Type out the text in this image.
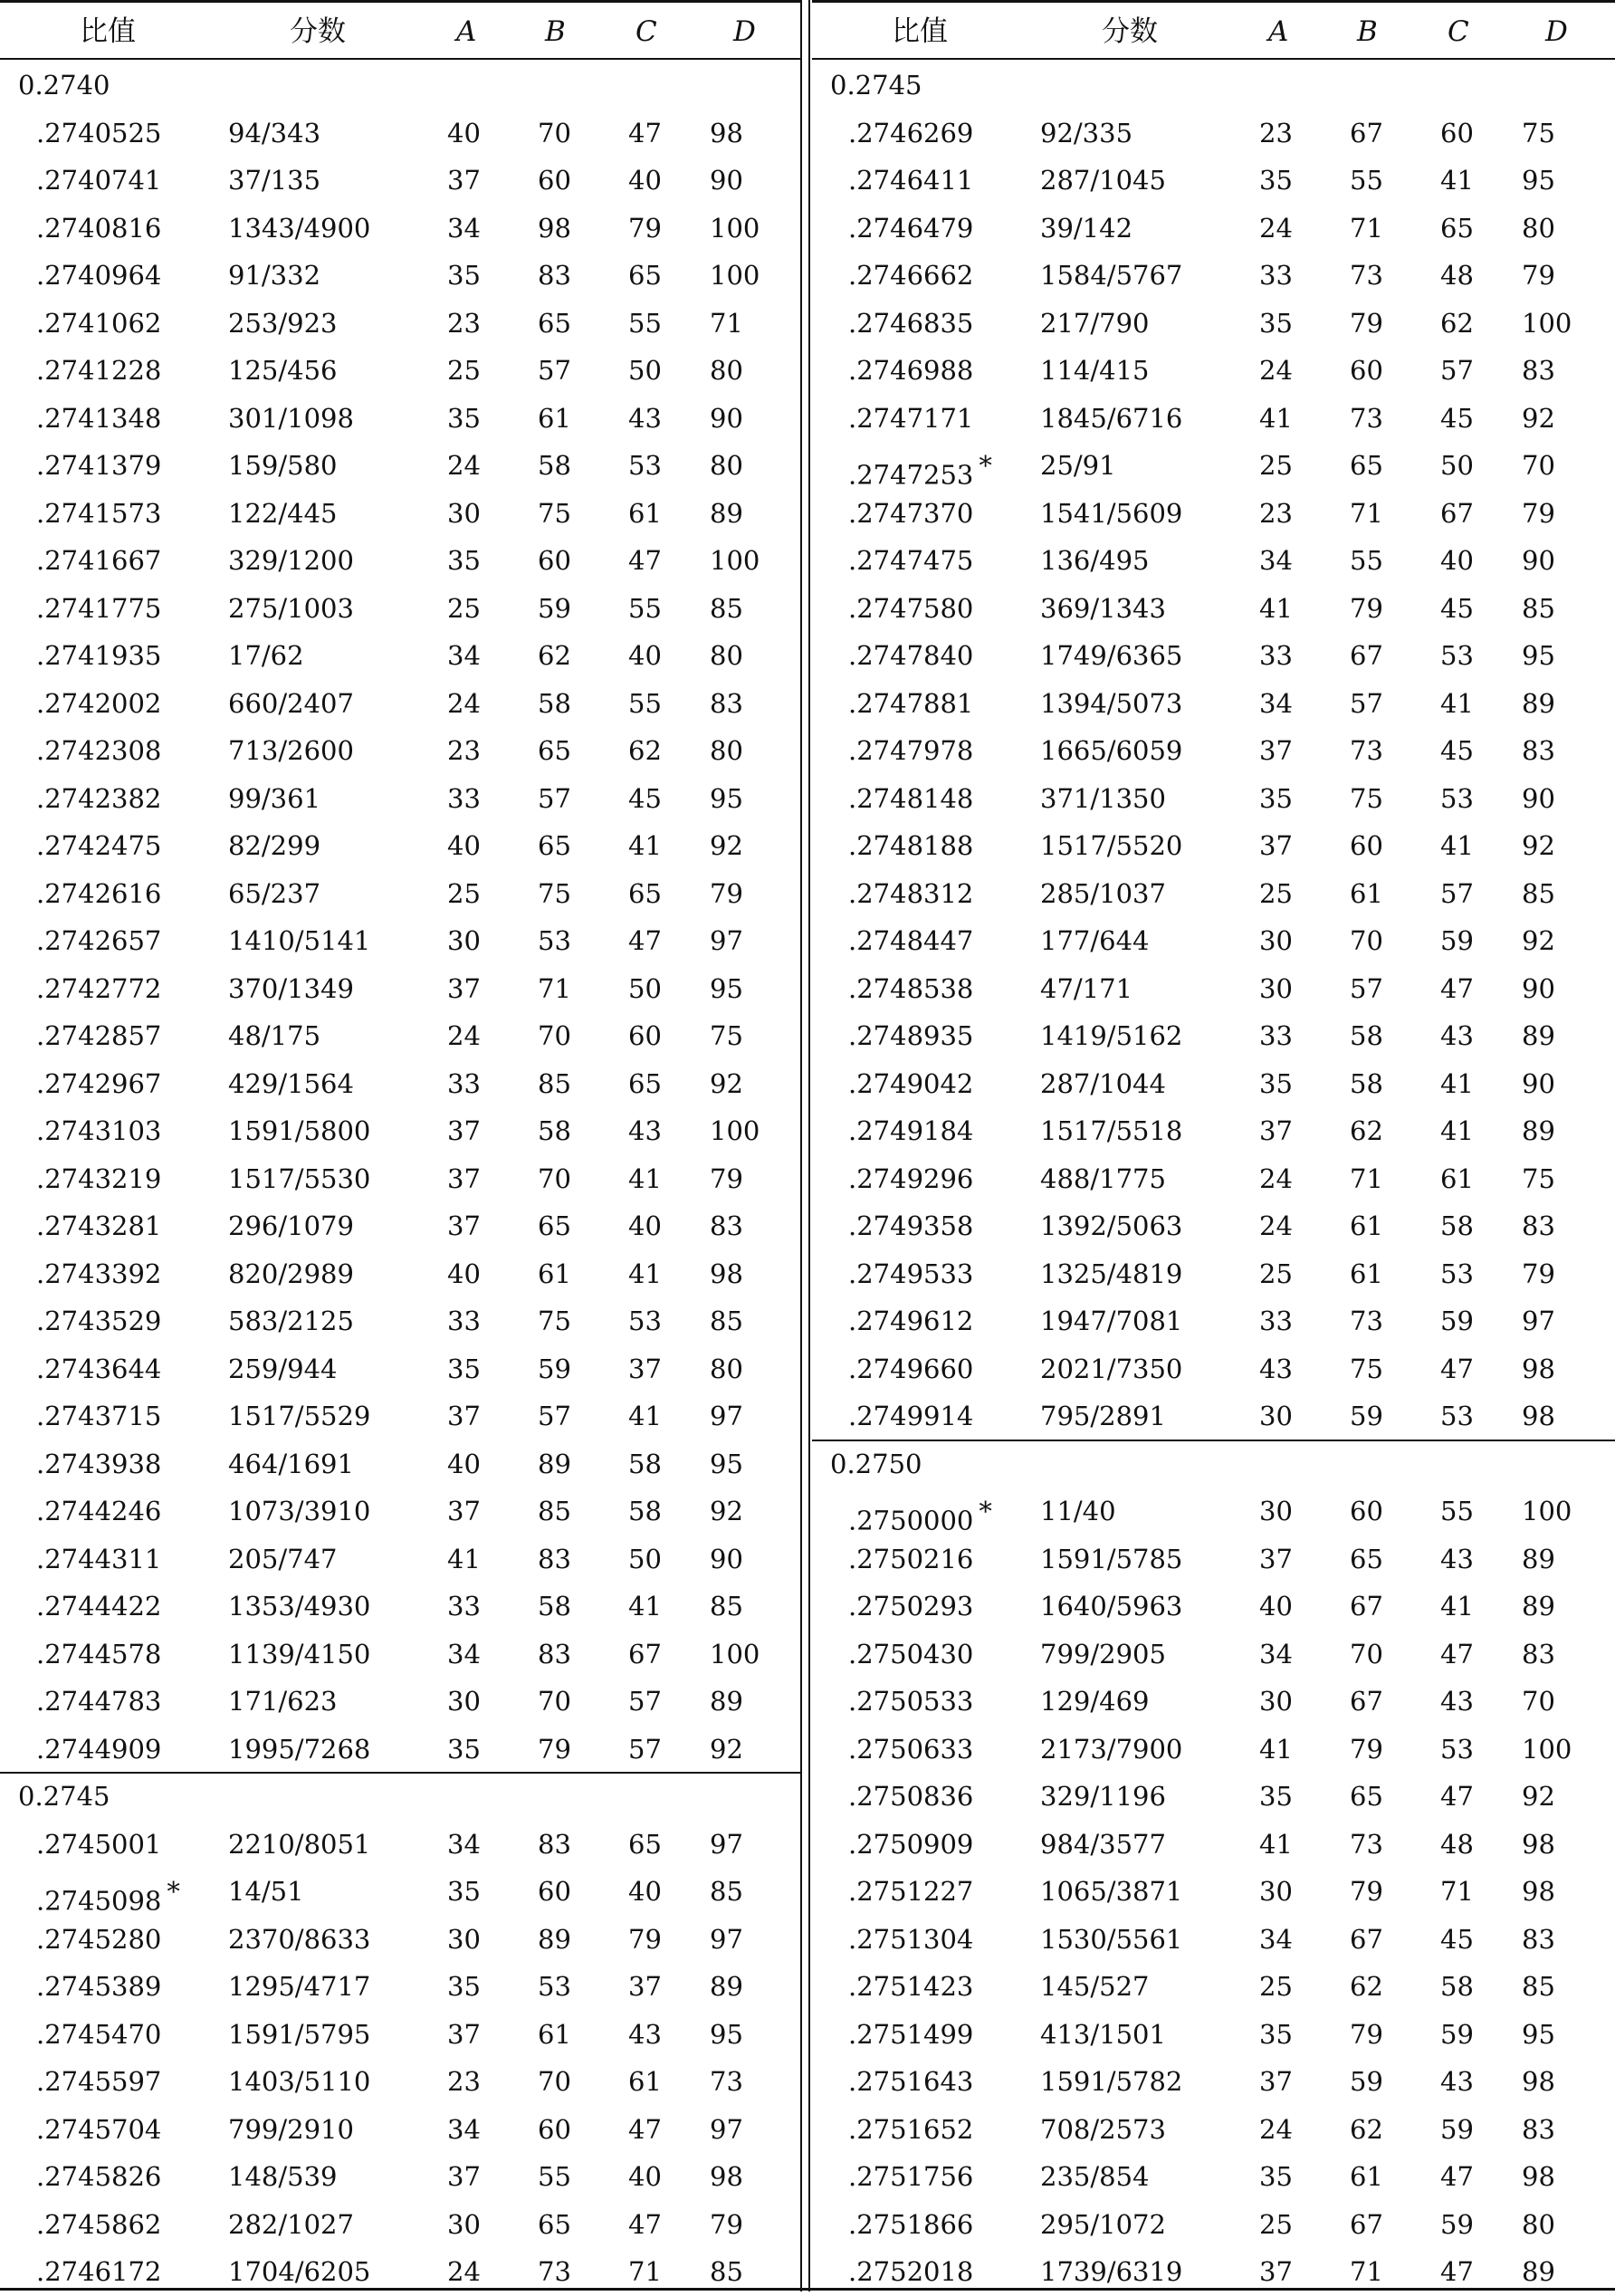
比值	分数	A B C	D
0.2740
.2740525	94/343	40 70 47 98
.2740741	37/135	37 60 40 90
.2740816	1343/4900	34 98 79 100
.2740964	91/332	35 83 65 100
.2741062	253/923	23 65 55 71
.2741228	125/456	25 57 50 80
.2741348	301/1098	35 61 43 90
.2741379	159/580	24 58 53 80
.2741573	122/445	30 75 61 89
.2741667	329/1200	35 60 47 100
.2741775	275/1003	25 59 55 85
.2741935	17/62	34 62 40 80
.2742002	660/2407	24 58 55 83
.2742308	713/2600	23 65 62 80
.2742382	99/361	33 57 45 95
.2742475	82/299	40 65 41 92
.2742616	65/237	25 75 65 79
.2742657	1410/5141	30 53 47 97
.2742772	370/1349	37 71 50 95
.2742857	48/175	24 70 60 75
.2742967	429/1564	33 85 65 92
.2743103	1591/5800	37 58 43 100
.2743219	1517/5530	37 70 41 79
.2743281	296/1079	37 65 40 83
.2743392	820/2989	40 61 41 98
.2743529	583/2125	33 75 53 85
.2743644	259/944	35 59 37 80
.2743715	1517/5529	37 57 41 97
.2743938	464/1691	40 89 58 95
.2744246	1073/3910	37 85 58 92
.2744311	205/747	41 83 50 90
.2744422	1353/4930	33 58 41 85
.2744578	1139/4150	34 83 67 100
.2744783	171/623	30 70 57 89
.2744909	1995/7268	35 79 57 92
0.2745
.2745001	2210/8051	34 83 65 97
.2745098 * 14/51	35 60 40 85
.2745280	2370/8633	30 89 79 97
.2745389	1295/4717	35 53 37 89
.2745470	1591/5795	37 61 43 95
.2745597	1403/5110	23 70 61 73
.2745704	799/2910	34 60 47 97
.2745826	148/539	37 55 40 98
.2745862	282/1027	30 65 47 79
.2746172	1704/6205	24 73 71 85
比值	分数	A B C	D
0.2745
.2746269	92/335	23 67 60 75
.2746411	287/1045	35 55 41 95
.2746479	39/142	24 71 65 80
.2746662	1584/5767	33 73 48 79
.2746835	217/790	35 79 62 100
.2746988	114/415	24 60 57 83
.2747171	1845/6716	41 73 45 92
.2747253 * 25/91	25 65 50 70
.2747370	1541/5609	23 71 67 79
.2747475	136/495	34 55 40 90
.2747580	369/1343	41 79 45 85
.2747840	1749/6365	33 67 53 95
.2747881	1394/5073	34 57 41 89
.2747978	1665/6059	37 73 45 83
.2748148	371/1350	35 75 53 90
.2748188	1517/5520	37 60 41 92
.2748312	285/1037	25 61 57 85
.2748447	177/644	30 70 59 92
.2748538	47/171	30 57 47 90
.2748935	1419/5162	33 58 43 89
.2749042	287/1044	35 58 41 90
.2749184	1517/5518	37 62 41 89
.2749296	488/1775	24 71 61 75
.2749358	1392/5063	24 61 58 83
.2749533	1325/4819	25 61 53 79
.2749612	1947/7081	33 73 59 97
.2749660	2021/7350	43 75 47 98
.2749914	795/2891	30 59 53 98
0.2750
.2750000 * 11/40	30 60 55 100
.2750216	1591/5785	37 65 43 89
.2750293	1640/5963	40 67 41 89
.2750430	799/2905	34 70 47 83
.2750533	129/469	30 67 43 70
.2750633	2173/7900	41 79 53 100
.2750836	329/1196	35 65 47 92
.2750909	984/3577	41 73 48 98
.2751227	1065/3871	30 79 71 98
.2751304	1530/5561	34 67 45 83
.2751423	145/527	25 62 58 85
.2751499	413/1501	35 79 59 95
.2751643	1591/5782	37 59 43 98
.2751652	708/2573	24 62 59 83
.2751756	235/854	35 61 47 98
.2751866	295/1072	25 67 59 80
.2752018	1739/6319	37 71 47 89
